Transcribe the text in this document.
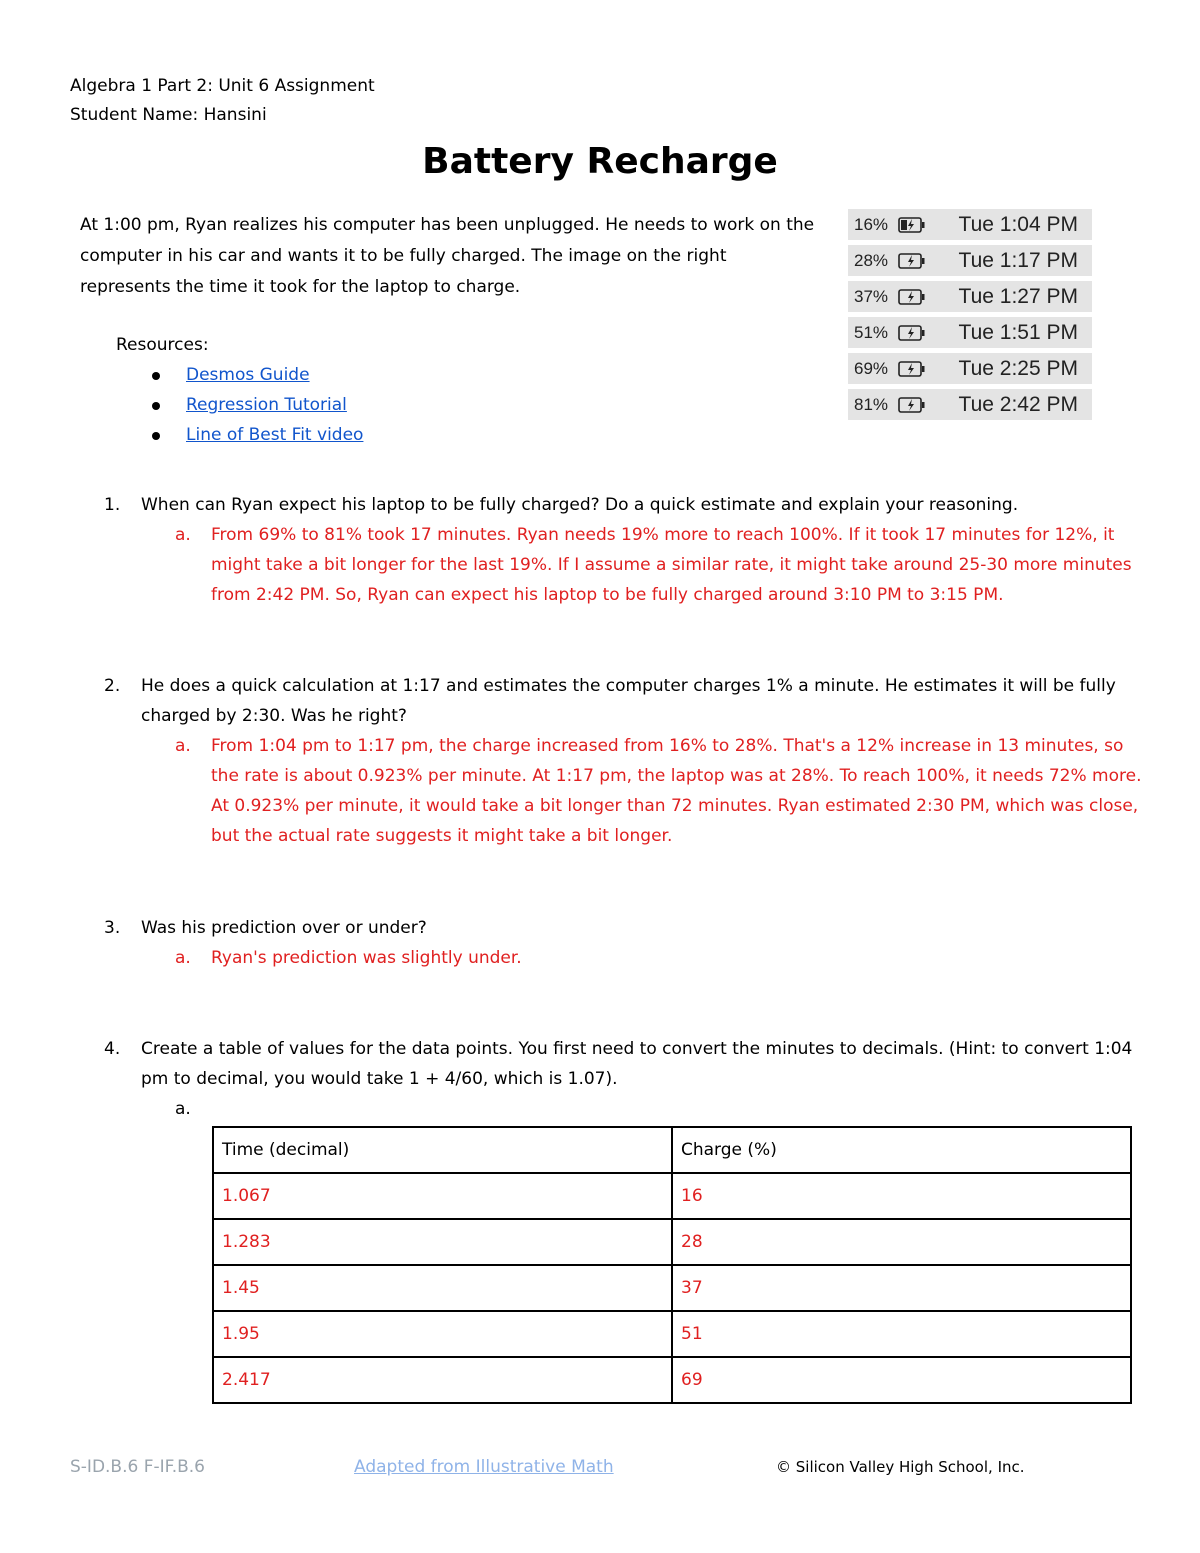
Algebra 1 Part 2: Unit 6 Assignment
Student Name: Hansini
Battery Recharge
At 1:00 pm, Ryan realizes his computer has been unplugged. He needs to work on the computer in his car and wants it to be fully charged. The image on the right represents the time it took for the laptop to charge.
Resources:
Desmos Guide
Regression Tutorial
Line of Best Fit video
16%	Tue 1:04 PM
28%	Tue 1:17 PM
37%	Tue 1:27 PM
51%	Tue 1:51 PM
69%	Tue 2:25 PM
81%	Tue 2:42 PM
1. When can Ryan expect his laptop to be fully charged? Do a quick estimate and explain your reasoning.
a. From 69% to 81% took 17 minutes. Ryan needs 19% more to reach 100%. If it took 17 minutes for 12%, it might take a bit longer for the last 19%. If I assume a similar rate, it might take around 25-30 more minutes from 2:42 PM. So, Ryan can expect his laptop to be fully charged around 3:10 PM to 3:15 PM.
2. He does a quick calculation at 1:17 and estimates the computer charges 1% a minute. He estimates it will be fully charged by 2:30. Was he right?
a. From 1:04 pm to 1:17 pm, the charge increased from 16% to 28%. That's a 12% increase in 13 minutes, so the rate is about 0.923% per minute. At 1:17 pm, the laptop was at 28%. To reach 100%, it needs 72% more. At 0.923% per minute, it would take a bit longer than 72 minutes. Ryan estimated 2:30 PM, which was close, but the actual rate suggests it might take a bit longer.
3. Was his prediction over or under?
a. Ryan's prediction was slightly under.
4. Create a table of values for the data points. You first need to convert the minutes to decimals. (Hint: to convert 1:04 pm to decimal, you would take 1 + 4/60, which is 1.07).
a.

Time (decimal)	Charge (%)
1.067	16
1.283	28
1.45	37
1.95	51
2.417	69
S-ID.B.6 F-IF.B.6	Adapted from Illustrative Math	© Silicon Valley High School, Inc.
